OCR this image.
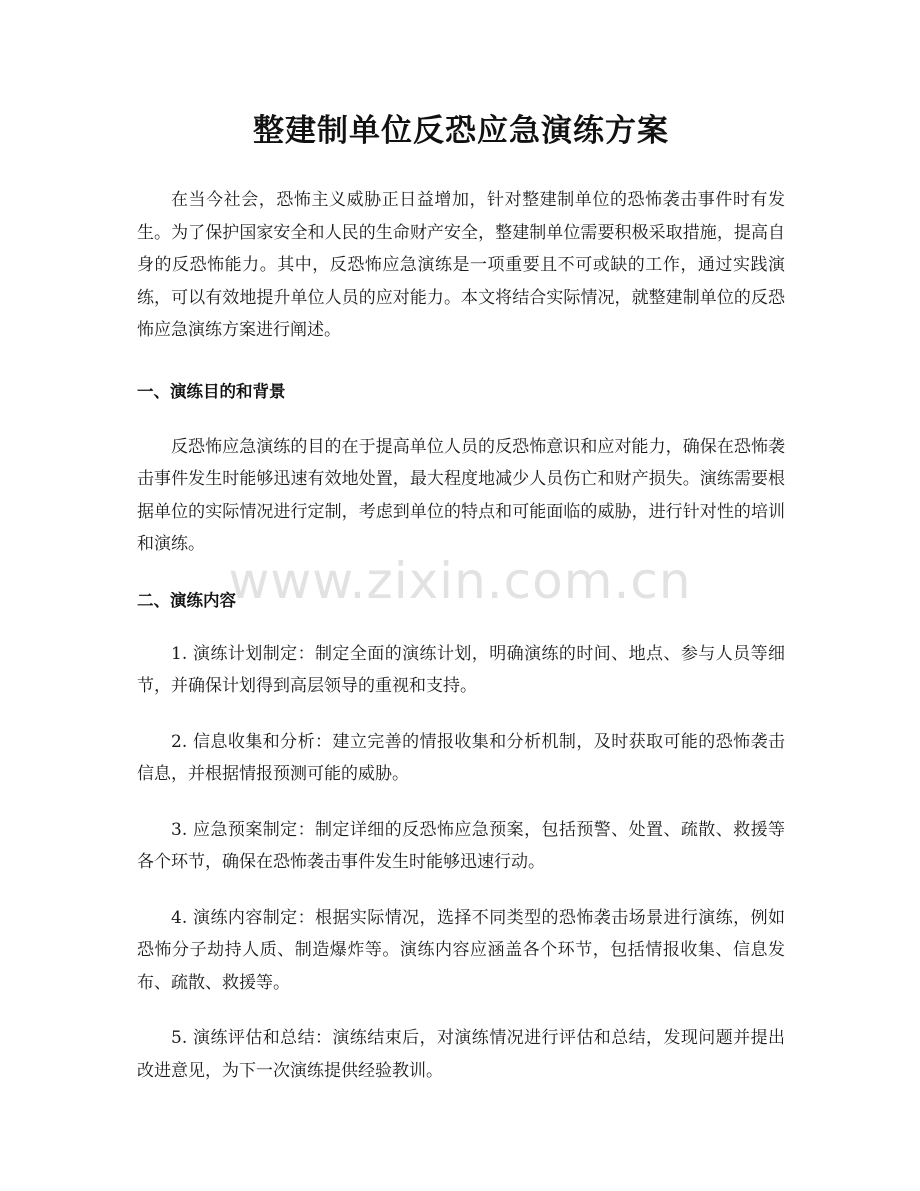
整建制单位反恐应急演练方案

在当今社会，恐怖主义威胁正日益增加，针对整建制单位的恐怖袭击事件时有发生。为了保护国家安全和人民的生命财产安全，整建制单位需要积极采取措施，提高自身的反恐怖能力。其中，反恐怖应急演练是一项重要且不可或缺的工作，通过实践演练，可以有效地提升单位人员的应对能力。本文将结合实际情况，就整建制单位的反恐怖应急演练方案进行阐述。

一、演练目的和背景

反恐怖应急演练的目的在于提高单位人员的反恐怖意识和应对能力，确保在恐怖袭击事件发生时能够迅速有效地处置，最大程度地减少人员伤亡和财产损失。演练需要根据单位的实际情况进行定制，考虑到单位的特点和可能面临的威胁，进行针对性的培训和演练。

二、演练内容
1. 演练计划制定：制定全面的演练计划，明确演练的时间、地点、参与人员等细节，并确保计划得到高层领导的重视和支持。
2. 信息收集和分析：建立完善的情报收集和分析机制，及时获取可能的恐怖袭击信息，并根据情报预测可能的威胁。
3. 应急预案制定：制定详细的反恐怖应急预案，包括预警、处置、疏散、救援等各个环节，确保在恐怖袭击事件发生时能够迅速行动。
4. 演练内容制定：根据实际情况，选择不同类型的恐怖袭击场景进行演练，例如恐怖分子劫持人质、制造爆炸等。演练内容应涵盖各个环节，包括情报收集、信息发布、疏散、救援等。
5. 演练评估和总结：演练结束后，对演练情况进行评估和总结，发现问题并提出改进意见，为下一次演练提供经验教训。
www.zixin.com.cn
